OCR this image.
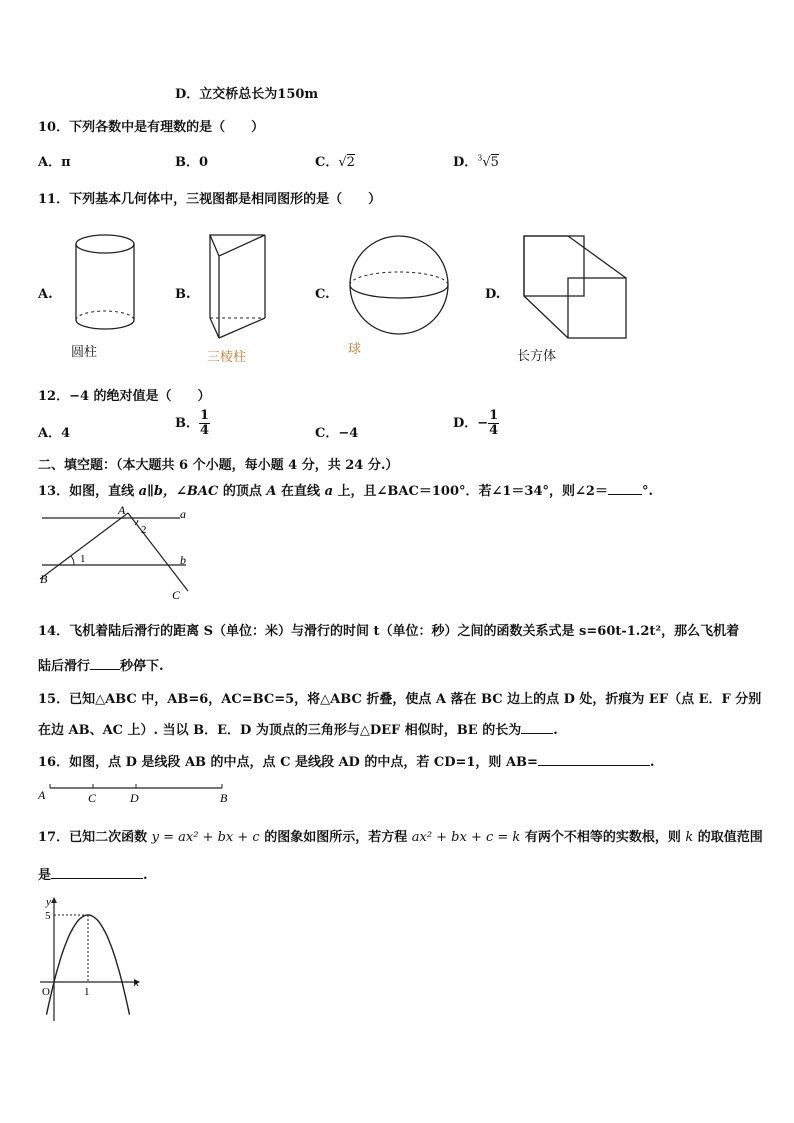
D．立交桥总长为150m
10．下列各数中是有理数的是（　　）
A．π	B．0	C．√2	D．$^3$√5
11．下列基本几何体中，三视图都是相同图形的是（　　）
A.	B.	C.	D.
圆柱	三棱柱
球	长方体
12．−4 的绝对值是（　　）
A．4
B． $\frac{1}{4}$	C．−4
D．− $\frac{1}{4}$
二、填空题：（本大题共 6 个小题，每小题 4 分，共 24 分.）
13．如图，直线 a∥b，∠BAC 的顶点 A 在直线 a 上，且∠BAC＝100°．若∠1＝34°，则∠2＝	°.
A	a
b
B
C
1
2
14．飞机着陆后滑行的距离 S（单位：米）与滑行的时间 t（单位：秒）之间的函数关系式是 s=60t-1.2t²，那么飞机着
陆后滑行 秒停下.
15．已知△ABC 中，AB=6，AC=BC=5，将△ABC 折叠，使点 A 落在 BC 边上的点 D 处，折痕为 EF（点 E．F 分别
在边 AB、AC 上）. 当以 B．E．D 为顶点的三角形与△DEF 相似时，BE 的长为 .
16．如图，点 D 是线段 AB 的中点，点 C 是线段 AD 的中点，若 CD=1，则 AB=	.
A	C	D	B
17．已知二次函数 y = ax² + bx + c 的图象如图所示，若方程 ax² + bx + c = k 有两个不相等的实数根，则 k 的取值范围
是	.
y
x
O
5
1
